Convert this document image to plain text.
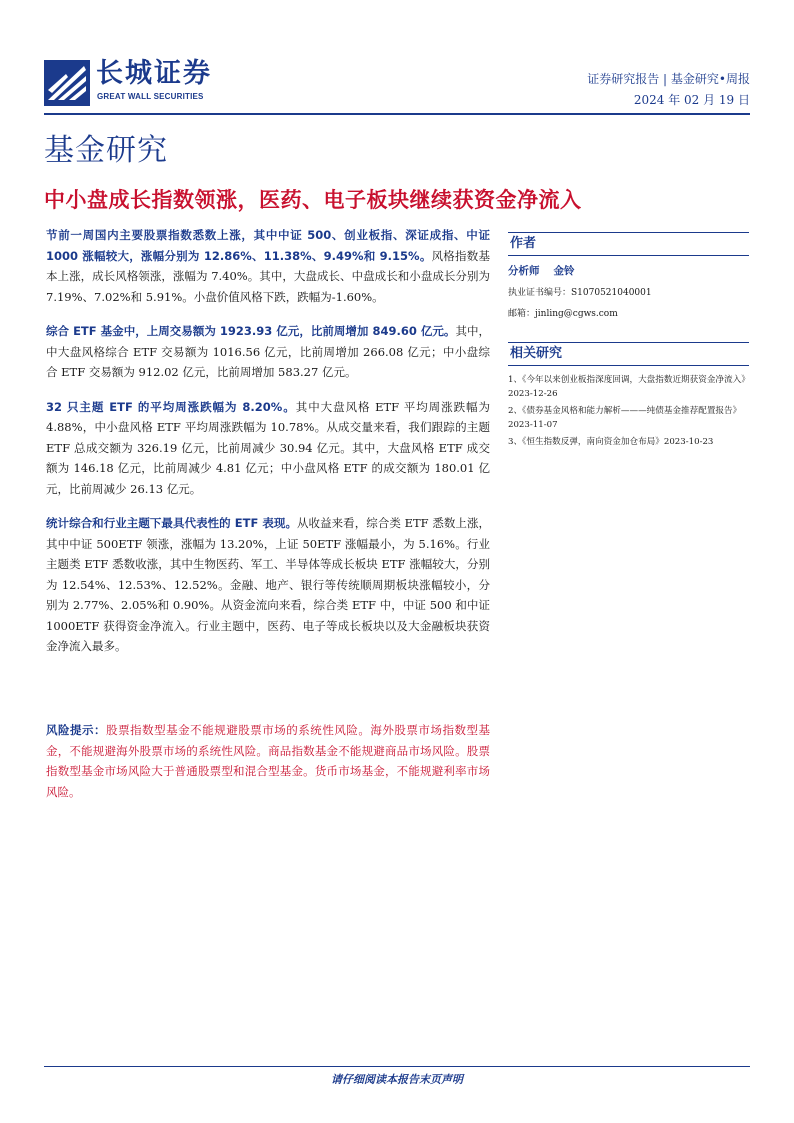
长城证券
GREAT WALL SECURITIES
证券研究报告 | 基金研究•周报
2024 年 02 月 19 日
基金研究
中小盘成长指数领涨，医药、电子板块继续获资金净流入

节前一周国内主要股票指数悉数上涨，其中中证 500、创业板指、深证成指、中证 1000 涨幅较大，涨幅分别为 12.86%、11.38%、9.49%和 9.15%。风格指数基本上涨，成长风格领涨，涨幅为 7.40%。其中，大盘成长、中盘成长和小盘成长分别为 7.19%、7.02%和 5.91%。小盘价值风格下跌，跌幅为-1.60%。

综合 ETF 基金中，上周交易额为 1923.93 亿元，比前周增加 849.60 亿元。其中，中大盘风格综合 ETF 交易额为 1016.56 亿元，比前周增加 266.08 亿元；中小盘综合 ETF 交易额为 912.02 亿元，比前周增加 583.27 亿元。

32 只主题 ETF 的平均周涨跌幅为 8.20%。其中大盘风格 ETF 平均周涨跌幅为 4.88%，中小盘风格 ETF 平均周涨跌幅为 10.78%。从成交量来看，我们跟踪的主题 ETF 总成交额为 326.19 亿元，比前周减少 30.94 亿元。其中，大盘风格 ETF 成交额为 146.18 亿元，比前周减少 4.81 亿元；中小盘风格 ETF 的成交额为 180.01 亿元，比前周减少 26.13 亿元。

统计综合和行业主题下最具代表性的 ETF 表现。从收益来看，综合类 ETF 悉数上涨，其中中证 500ETF 领涨，涨幅为 13.20%，上证 50ETF 涨幅最小，为 5.16%。行业主题类 ETF 悉数收涨，其中生物医药、军工、半导体等成长板块 ETF 涨幅较大，分别为 12.54%、12.53%、12.52%。金融、地产、银行等传统顺周期板块涨幅较小，分别为 2.77%、2.05%和 0.90%。从资金流向来看，综合类 ETF 中，中证 500 和中证 1000ETF 获得资金净流入。行业主题中，医药、电子等成长板块以及大金融板块获资金净流入最多。

风险提示：股票指数型基金不能规避股票市场的系统性风险。海外股票市场指数型基金，不能规避海外股票市场的系统性风险。商品指数基金不能规避商品市场风险。股票指数型基金市场风险大于普通股票型和混合型基金。货币市场基金，不能规避利率市场风险。
作者
分析师 金铃
执业证书编号：S1070521040001
邮箱：jinling@cgws.com
相关研究
1、《今年以来创业板指深度回调，大盘指数近期获资金净流入》2023-12-26
2、《债券基金风格和能力解析———纯债基金推荐配置报告》2023-11-07
3、《恒生指数反弹，南向资金加仓布局》2023-10-23
请仔细阅读本报告末页声明
